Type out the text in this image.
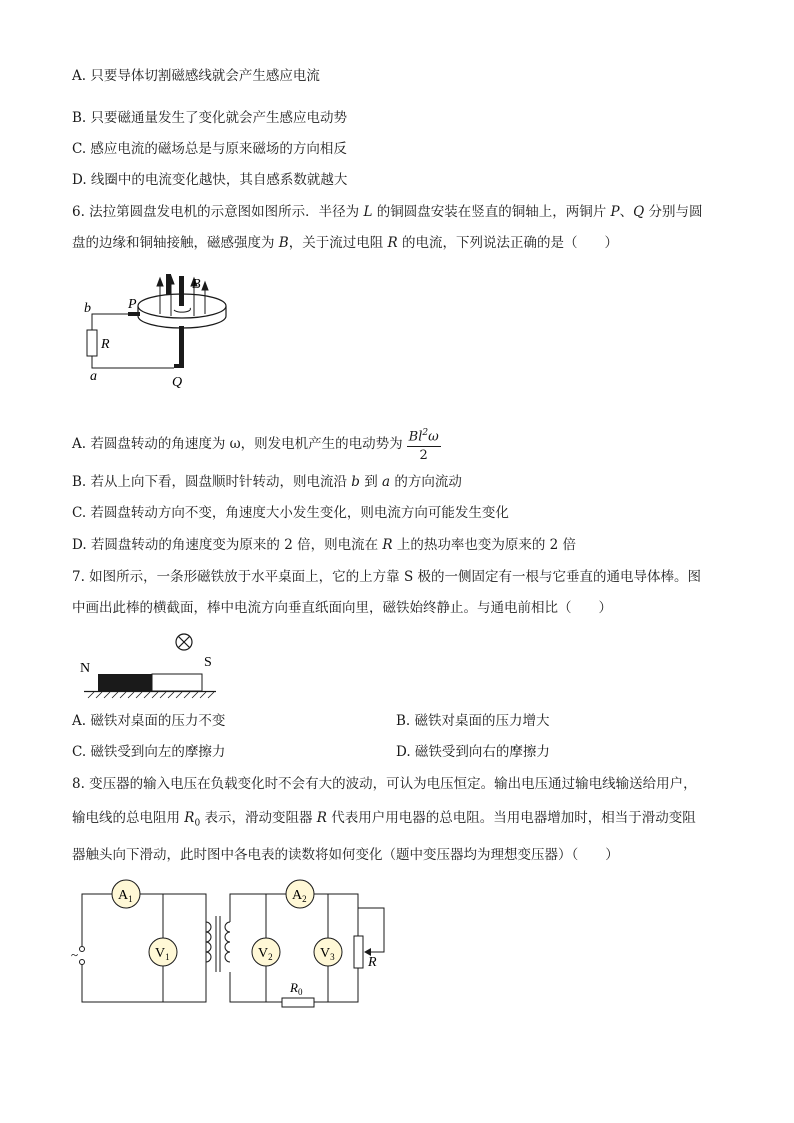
A. 只要导体切割磁感线就会产生感应电流
B. 只要磁通量发生了变化就会产生感应电动势
C. 感应电流的磁场总是与原来磁场的方向相反
D. 线圈中的电流变化越快，其自感系数就越大
6. 法拉第圆盘发电机的示意图如图所示．半径为 L 的铜圆盘安装在竖直的铜轴上，两铜片 P、Q 分别与圆
盘的边缘和铜轴接触，磁感强度为 B，关于流过电阻 R 的电流，下列说法正确的是（　　）
b	P
B
R
a	Q
A. 若圆盘转动的角速度为 ω，则发电机产生的电动势为 $\frac{Bl^2\omega}{2}$
B. 若从上向下看，圆盘顺时针转动，则电流沿 b 到 a 的方向流动
C. 若圆盘转动方向不变，角速度大小发生变化，则电流方向可能发生变化
D. 若圆盘转动的角速度变为原来的 2 倍，则电流在 R 上的热功率也变为原来的 2 倍
7. 如图所示，一条形磁铁放于水平桌面上，它的上方靠 S 极的一侧固定有一根与它垂直的通电导体棒。图
中画出此棒的横截面，棒中电流方向垂直纸面向里，磁铁始终静止。与通电前相比（　　）
N	S
A. 磁铁对桌面的压力不变	B. 磁铁对桌面的压力增大
C. 磁铁受到向左的摩擦力	D. 磁铁受到向右的摩擦力
8. 变压器的输入电压在负载变化时不会有大的波动，可认为电压恒定。输出电压通过输电线输送给用户，
输电线的总电阻用 $R_0$ 表示，滑动变阻器 R 代表用户用电器的总电阻。当用电器增加时，相当于滑动变阻
器触头向下滑动，此时图中各电表的读数将如何变化（题中变压器均为理想变压器）（　　）
~
R
$R_0$
$A_1$
$V_1$
$A_2$
$V_2$	$V_3$
